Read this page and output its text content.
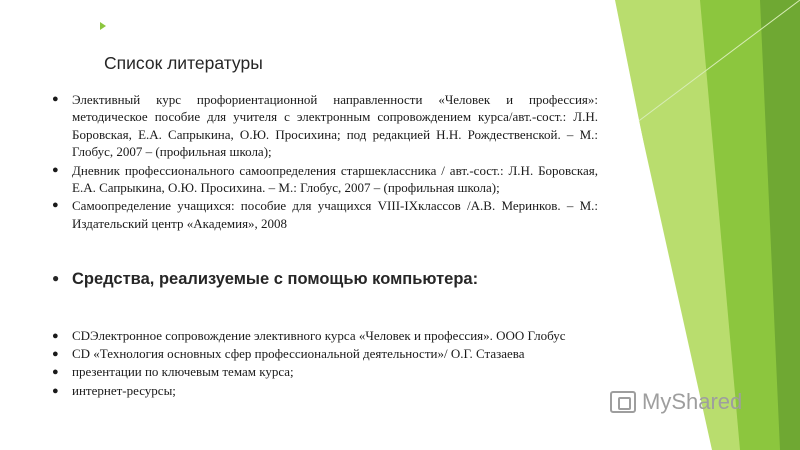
Список литературы
● Элективный курс профориентационной направленности «Человек и профессия»: методическое пособие для учителя с электронным сопровождением курса/авт.-сост.: Л.Н. Боровская, Е.А. Сапрыкина, О.Ю. Просихина; под редакцией Н.Н. Рождественской. – М.: Глобус, 2007 – (профильная школа);
● Дневник профессионального самоопределения старшеклассника / авт.-сост.: Л.Н. Боровская, Е.А. Сапрыкина, О.Ю. Просихина. – М.: Глобус, 2007 – (профильная школа);
● Самоопределение учащихся: пособие для учащихся VIII-IXклассов /А.В. Меринков. – М.: Издательский центр «Академия», 2008
● Средства, реализуемые с помощью компьютера:
● CDЭлектронное сопровождение элективного курса «Человек и профессия». ООО Глобус
● CD «Технология основных сфер профессиональной деятельности»/ О.Г. Стазаева
● презентации по ключевым темам курса;
● интернет-ресурсы;	MyShared
